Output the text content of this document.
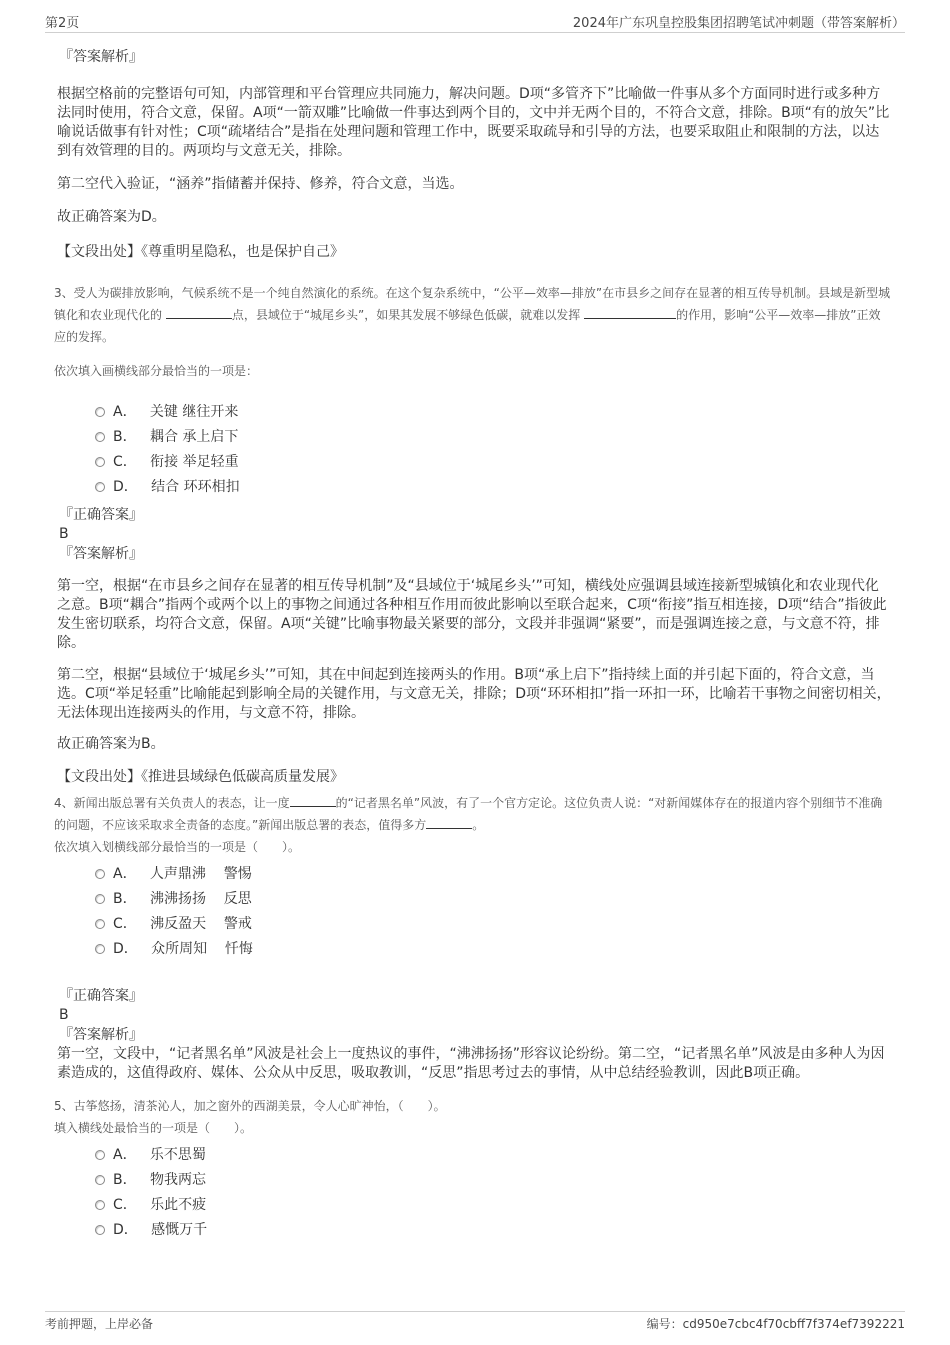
第2页	2024年广东巩皇控股集团招聘笔试冲刺题（带答案解析）
『答案解析』
根据空格前的完整语句可知，内部管理和平台管理应共同施力，解决问题。D项“多管齐下”比喻做一件事从多个方面同时进行或多种方法同时使用，符合文意，保留。A项“一箭双雕”比喻做一件事达到两个目的，文中并无两个目的，不符合文意，排除。B项“有的放矢”比喻说话做事有针对性；C项“疏堵结合”是指在处理问题和管理工作中，既要采取疏导和引导的方法，也要采取阻止和限制的方法，以达到有效管理的目的。两项均与文意无关，排除。
第二空代入验证，“涵养”指储蓄并保持、修养，符合文意，当选。
故正确答案为D。
【文段出处】《尊重明星隐私，也是保护自己》
3、受人为碳排放影响，气候系统不是一个纯自然演化的系统。在这个复杂系统中，“公平—效率—排放”在市县乡之间存在显著的相互传导机制。县域是新型城镇化和农业现代化的	点，县域位于“城尾乡头”，如果其发展不够绿色低碳，就难以发挥	的作用，影响“公平—效率—排放”正效应的发挥。
依次填入画横线部分最恰当的一项是：
A．   关键 继往开来
B．   耦合 承上启下
C．   衔接 举足轻重
D．   结合 环环相扣
『正确答案』
B
『答案解析』
第一空，根据“在市县乡之间存在显著的相互传导机制”及“县域位于‘城尾乡头’”可知，横线处应强调县域连接新型城镇化和农业现代化之意。B项“耦合”指两个或两个以上的事物之间通过各种相互作用而彼此影响以至联合起来，C项“衔接”指互相连接，D项“结合”指彼此发生密切联系，均符合文意，保留。A项“关键”比喻事物最关紧要的部分，文段并非强调“紧要”，而是强调连接之意，与文意不符，排除。
第二空，根据“县域位于‘城尾乡头’”可知，其在中间起到连接两头的作用。B项“承上启下”指持续上面的并引起下面的，符合文意，当选。C项“举足轻重”比喻能起到影响全局的关键作用，与文意无关，排除；D项“环环相扣”指一环扣一环，比喻若干事物之间密切相关，无法体现出连接两头的作用，与文意不符，排除。
故正确答案为B。
【文段出处】《推进县域绿色低碳高质量发展》
4、新闻出版总署有关负责人的表态，让一度	的“记者黑名单”风波，有了一个官方定论。这位负责人说：“对新闻媒体存在的报道内容个别细节不准确的问题，不应该采取求全责备的态度。”新闻出版总署的表态，值得多方	。
依次填入划横线部分最恰当的一项是（　　）。
A．   人声鼎沸    警惕
B．   沸沸扬扬    反思
C．   沸反盈天    警戒
D．   众所周知    忏悔
『正确答案』
B
『答案解析』
第一空，文段中，“记者黑名单”风波是社会上一度热议的事件，“沸沸扬扬”形容议论纷纷。第二空，“记者黑名单”风波是由多种人为因素造成的，这值得政府、媒体、公众从中反思，吸取教训，“反思”指思考过去的事情，从中总结经验教训，因此B项正确。
5、古筝悠扬，清茶沁人，加之窗外的西湖美景，令人心旷神怡，（　　）。
填入横线处最恰当的一项是（　　）。
A．   乐不思蜀
B．   物我两忘
C．   乐此不疲
D．   感慨万千
考前押题，上岸必备	编号：cd950e7cbc4f70cbff7f374ef7392221
